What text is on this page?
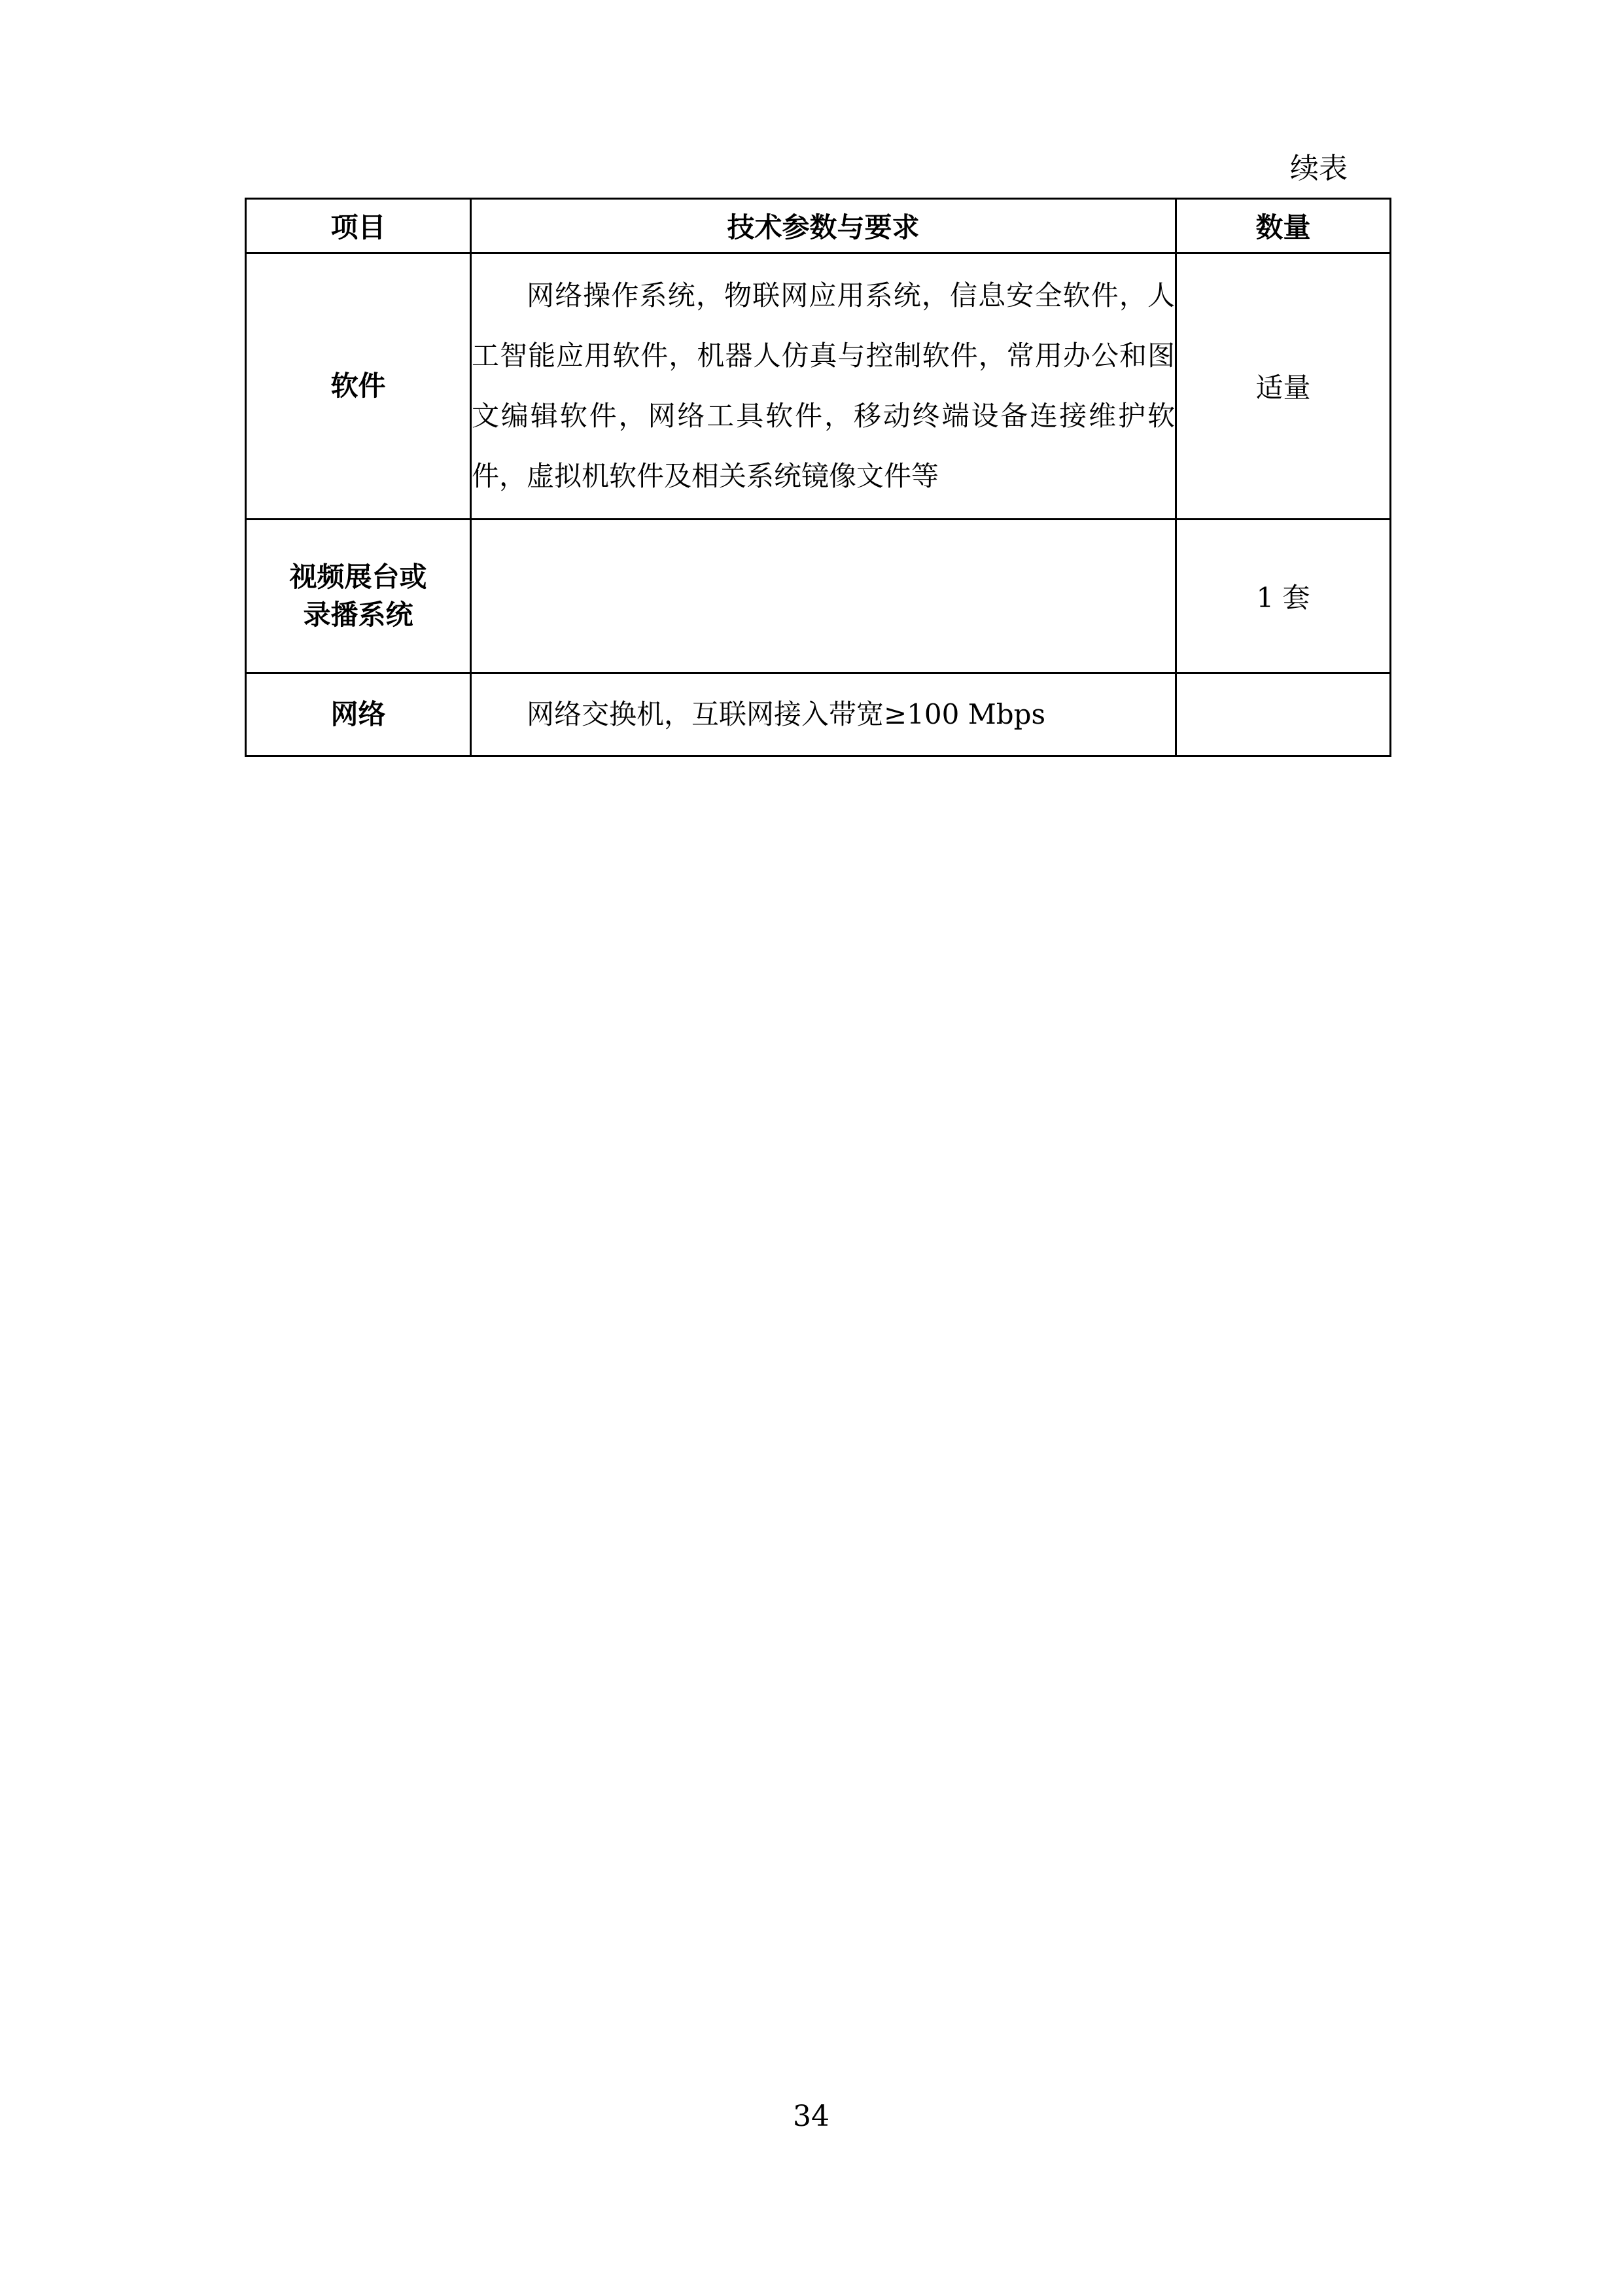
续表
项目	技术参数与要求	数量
软件	网络操作系统，物联网应用系统，信息安全软件，人工智能应用软件，机器人仿真与控制软件，常用办公和图文编辑软件，网络工具软件，移动终端设备连接维护软件，虚拟机软件及相关系统镜像文件等	适量

视频展台或
录播系统		1 套
网络	网络交换机，互联网接入带宽≥100 Mbps	

34
